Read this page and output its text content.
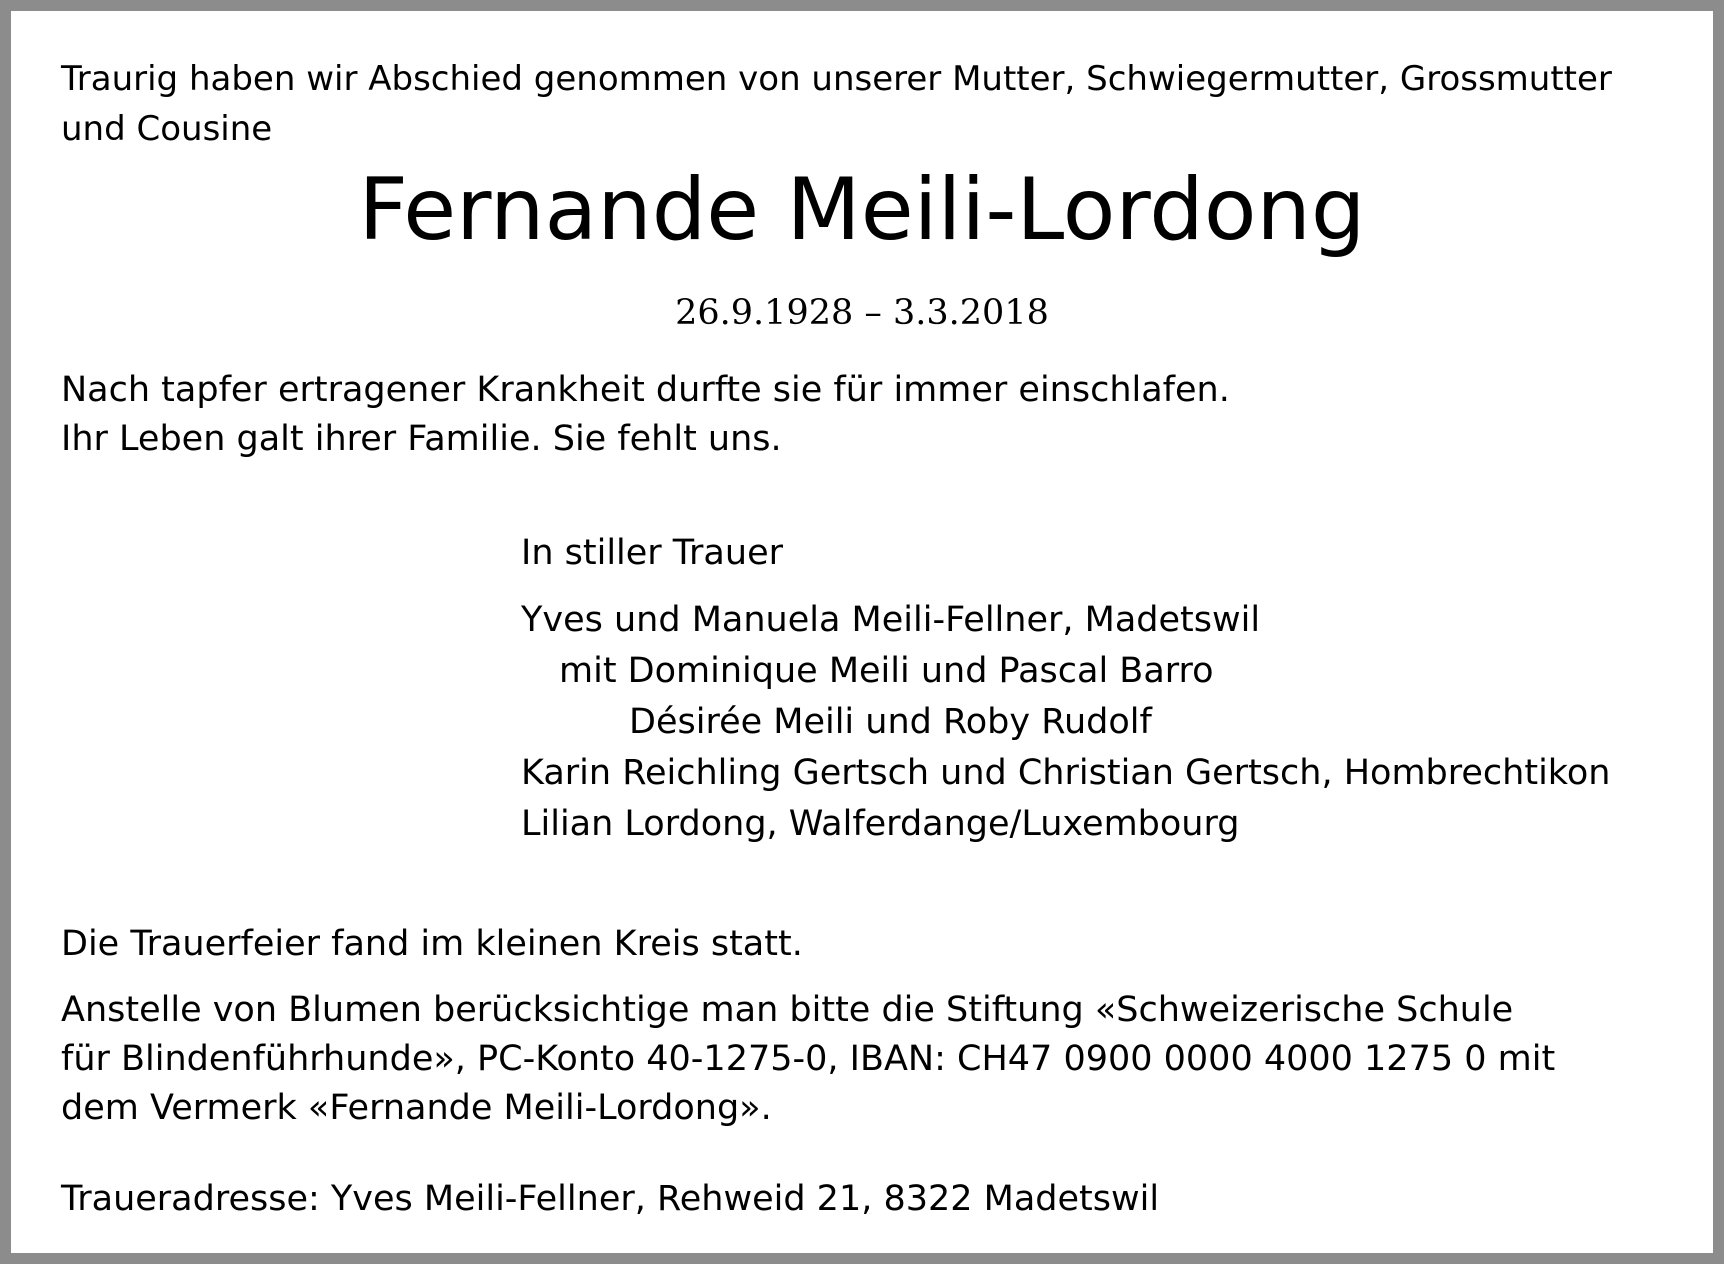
Traurig haben wir Abschied genommen von unserer Mutter, Schwiegermutter, Grossmutter
und Cousine

Fernande Meili-Lordong

26.9.1928 – 3.3.2018

Nach tapfer ertragener Krankheit durfte sie für immer einschlafen.
Ihr Leben galt ihrer Familie. Sie fehlt uns.

In stiller Trauer

Yves und Manuela Meili-Fellner, Madetswil

mit Dominique Meili und Pascal Barro

Désirée Meili und Roby Rudolf

Karin Reichling Gertsch und Christian Gertsch, Hombrechtikon

Lilian Lordong, Walferdange/Luxembourg

Die Trauerfeier fand im kleinen Kreis statt.

Anstelle von Blumen berücksichtige man bitte die Stiftung «Schweizerische Schule
für Blindenführhunde», PC-Konto 40-1275-0, IBAN: CH47 0900 0000 4000 1275 0 mit
dem Vermerk «Fernande Meili-Lordong».

Traueradresse: Yves Meili-Fellner, Rehweid 21, 8322 Madetswil
